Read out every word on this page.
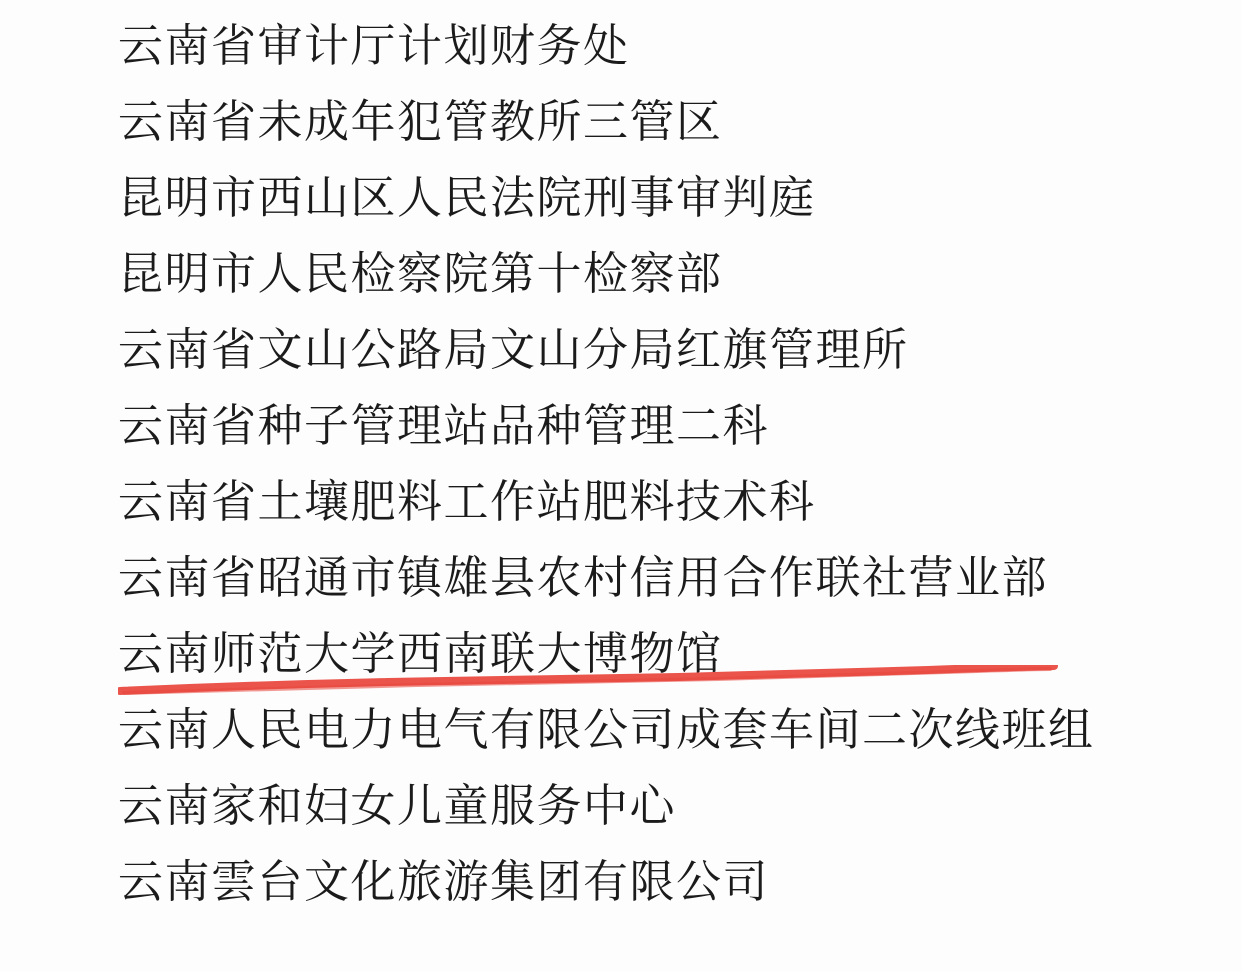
云南省审计厅计划财务处
云南省未成年犯管教所三管区
昆明市西山区人民法院刑事审判庭
昆明市人民检察院第十检察部
云南省文山公路局文山分局红旗管理所
云南省种子管理站品种管理二科
云南省土壤肥料工作站肥料技术科
云南省昭通市镇雄县农村信用合作联社营业部
云南师范大学西南联大博物馆
云南人民电力电气有限公司成套车间二次线班组
云南家和妇女儿童服务中心
云南雲台文化旅游集团有限公司
